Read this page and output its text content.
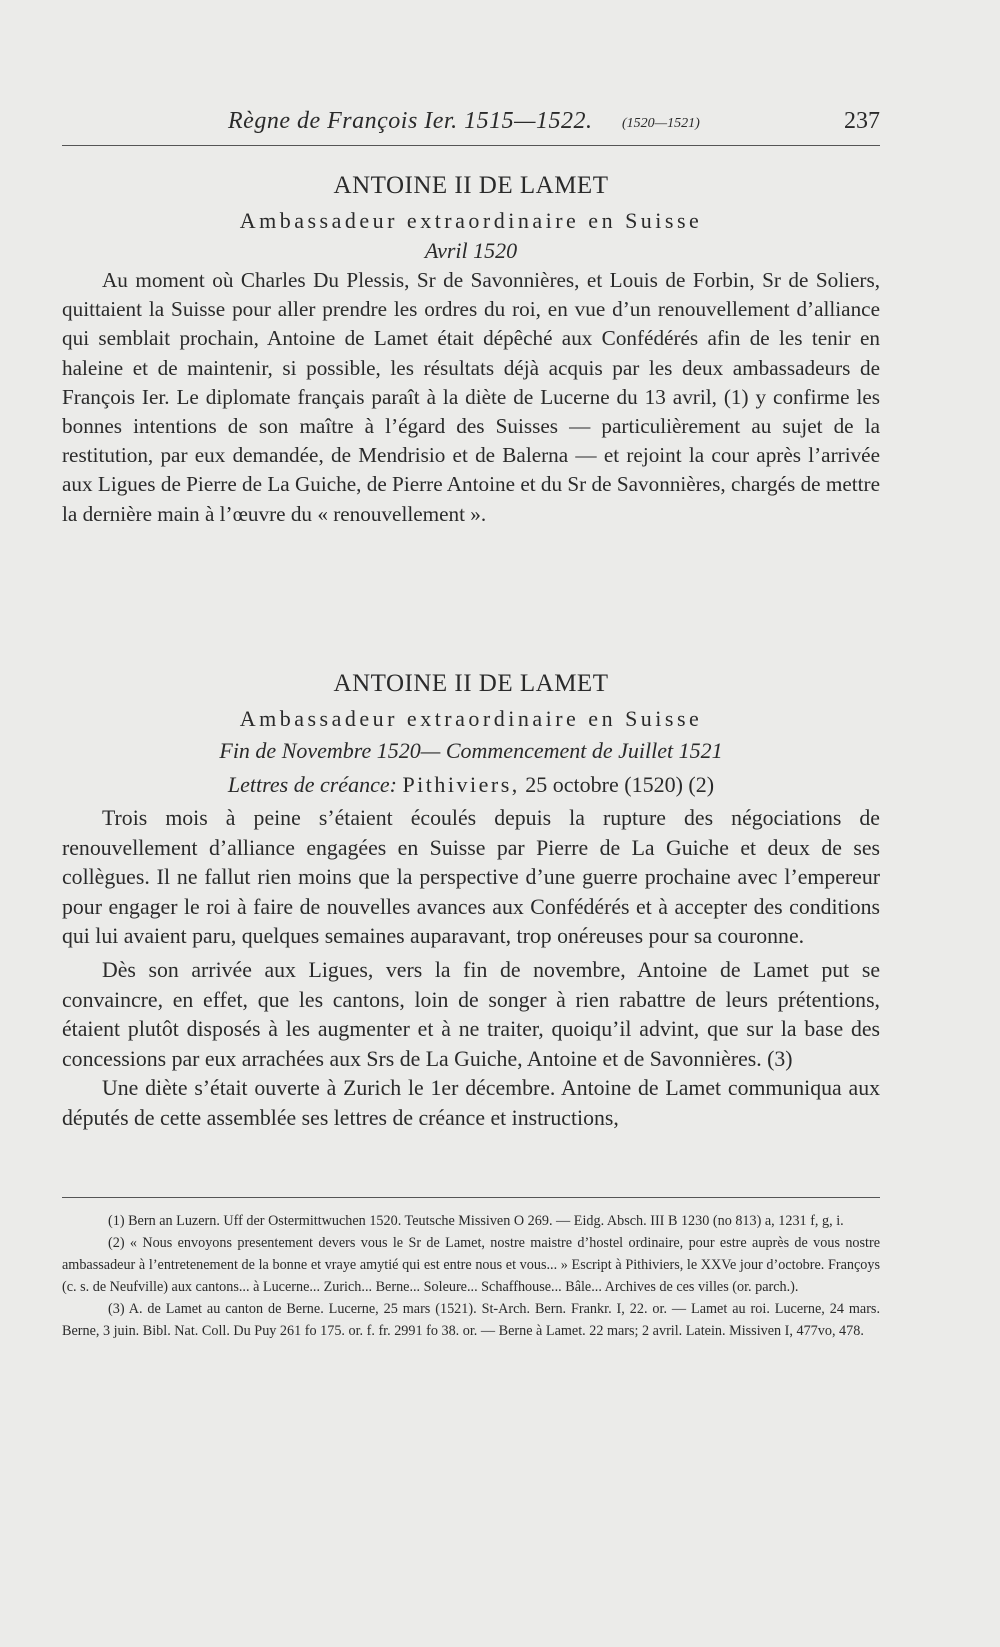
Règne de François Ier. 1515—1522. (1520—1521)	237
ANTOINE II DE LAMET
Ambassadeur extraordinaire en Suisse
Avril 1520

Au moment où Charles Du Plessis, Sr de Savonnières, et Louis de Forbin, Sr de Soliers, quittaient la Suisse pour aller prendre les ordres du roi, en vue d’un renouvellement d’alliance qui semblait prochain, Antoine de Lamet était dépêché aux Confédérés afin de les tenir en haleine et de maintenir, si possible, les résultats déjà acquis par les deux ambassadeurs de François Ier. Le diplomate français paraît à la diète de Lucerne du 13 avril, (1) y confirme les bonnes intentions de son maître à l’égard des Suisses — particulièrement au sujet de la restitution, par eux demandée, de Mendrisio et de Balerna — et rejoint la cour après l’arrivée aux Ligues de Pierre de La Guiche, de Pierre Antoine et du Sr de Savonnières, chargés de mettre la dernière main à l’œuvre du « renouvellement ».

ANTOINE II DE LAMET
Ambassadeur extraordinaire en Suisse
Fin de Novembre 1520— Commencement de Juillet 1521
Lettres de créance: Pithiviers, 25 octobre (1520) (2)

Trois mois à peine s’étaient écoulés depuis la rupture des négociations de renouvellement d’alliance engagées en Suisse par Pierre de La Guiche et deux de ses collègues. Il ne fallut rien moins que la perspective d’une guerre prochaine avec l’empereur pour engager le roi à faire de nouvelles avances aux Confédérés et à accepter des conditions qui lui avaient paru, quelques semaines auparavant, trop onéreuses pour sa couronne.

Dès son arrivée aux Ligues, vers la fin de novembre, Antoine de Lamet put se convaincre, en effet, que les cantons, loin de songer à rien rabattre de leurs prétentions, étaient plutôt disposés à les augmenter et à ne traiter, quoiqu’il advint, que sur la base des concessions par eux arrachées aux Srs de La Guiche, Antoine et de Savonnières. (3)

Une diète s’était ouverte à Zurich le 1er décembre. Antoine de Lamet communiqua aux députés de cette assemblée ses lettres de créance et instructions,

(1) Bern an Luzern. Uff der Ostermittwuchen 1520. Teutsche Missiven O 269. — Eidg. Absch. III B 1230 (no 813) a, 1231 f, g, i.

(2) « Nous envoyons presentement devers vous le Sr de Lamet, nostre maistre d’hostel ordinaire, pour estre auprès de vous nostre ambassadeur à l’entretenement de la bonne et vraye amytié qui est entre nous et vous... » Escript à Pithiviers, le XXVe jour d’octobre. Françoys (c. s. de Neufville) aux cantons... à Lucerne... Zurich... Berne... Soleure... Schaffhouse... Bâle... Archives de ces villes (or. parch.).

(3) A. de Lamet au canton de Berne. Lucerne, 25 mars (1521). St-Arch. Bern. Frankr. I, 22. or. — Lamet au roi. Lucerne, 24 mars. Berne, 3 juin. Bibl. Nat. Coll. Du Puy 261 fo 175. or. f. fr. 2991 fo 38. or. — Berne à Lamet. 22 mars; 2 avril. Latein. Missiven I, 477vo, 478.
